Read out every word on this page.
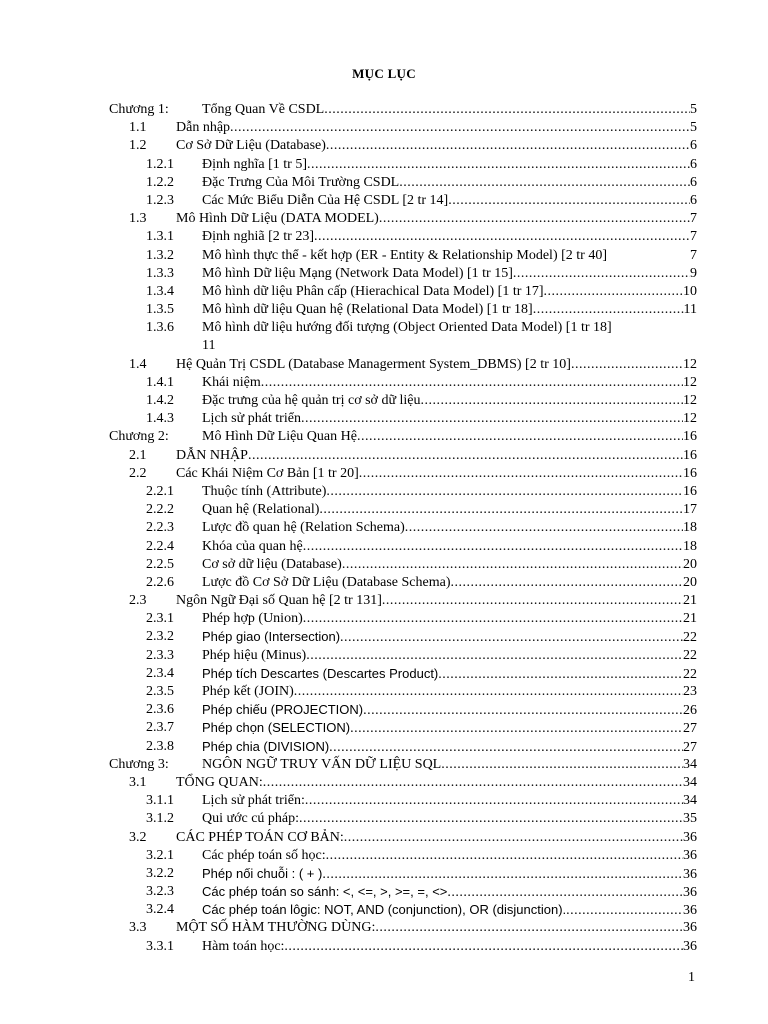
MỤC LỤC
Chương 1: Tổng Quan Về CSDL .....	5
1.1 Dẫn nhập .....	5
1.2 Cơ Sở Dữ Liệu (Database) .....	6
1.2.1 Định nghĩa [1 tr 5] .....	6
1.2.2 Đặc Trưng Của Môi Trường CSDL .....	6
1.2.3 Các Mức Biểu Diễn Của Hệ CSDL [2 tr 14] .....	6
1.3 Mô Hình Dữ Liệu (DATA MODEL) .....	7
1.3.1 Định nghiã [2 tr 23] .....	7
1.3.2 Mô hình thực thể - kết hợp (ER - Entity & Relationship Model) [2 tr 40]	7
1.3.3 Mô hình Dữ liệu Mạng (Network Data Model) [1 tr 15] .....	9
1.3.4 Mô hình dữ liệu Phân cấp (Hierachical Data Model) [1 tr 17] .....	10
1.3.5 Mô hình dữ liệu Quan hệ (Relational Data Model) [1 tr 18] .....	11
1.3.6 Mô hình dữ liệu hướng đối tượng (Object Oriented Data Model) [1 tr 18]
11
1.4 Hệ Quản Trị CSDL (Database Managerment System_DBMS) [2 tr 10] .....	12
1.4.1 Khái niệm .....	12
1.4.2 Đặc trưng của hệ quản trị cơ sở dữ liệu .....	12
1.4.3 Lịch sử phát triển .....	12
Chương 2: Mô Hình Dữ Liệu Quan Hệ .....	16
2.1 DẪN NHẬP .....	16
2.2 Các Khái Niệm Cơ Bản [1 tr 20] .....	16
2.2.1 Thuộc tính (Attribute) .....	16
2.2.2 Quan hệ (Relational) .....	17
2.2.3 Lược đồ quan hệ (Relation Schema) .....	18
2.2.4 Khóa của quan hệ .....	18
2.2.5 Cơ sở dữ liệu (Database) .....	20
2.2.6 Lược đồ Cơ Sở Dữ Liệu (Database Schema) .....	20
2.3 Ngôn Ngữ Đại số Quan hệ [2 tr 131] .....	21
2.3.1 Phép hợp (Union) .....	21
2.3.2 Phép giao (Intersection) .....	22
2.3.3 Phép hiệu (Minus) .....	22
2.3.4 Phép tích Descartes (Descartes Product) .....	22
2.3.5 Phép kết (JOIN) .....	23
2.3.6 Phép chiếu (PROJECTION) .....	26
2.3.7 Phép chọn (SELECTION) .....	27
2.3.8 Phép chia (DIVISION) .....	27
Chương 3: NGÔN NGỮ TRUY VẤN DỮ LIỆU SQL .....	34
3.1 TỔNG QUAN: .....	34
3.1.1 Lịch sử phát triển: .....	34
3.1.2 Qui ước cú pháp: .....	35
3.2 CÁC PHÉP TOÁN CƠ BẢN: .....	36
3.2.1 Các phép toán số học: .....	36
3.2.2 Phép nối chuỗi : ( + ) .....	36
3.2.3 Các phép toán so sánh: <, <=, >, >=, =, <> .....	36
3.2.4 Các phép toán lôgic: NOT, AND (conjunction), OR (disjunction). .....	36
3.3 MỘT SỐ HÀM THƯỜNG DÙNG: .....	36
3.3.1 Hàm toán học: .....	36
1
